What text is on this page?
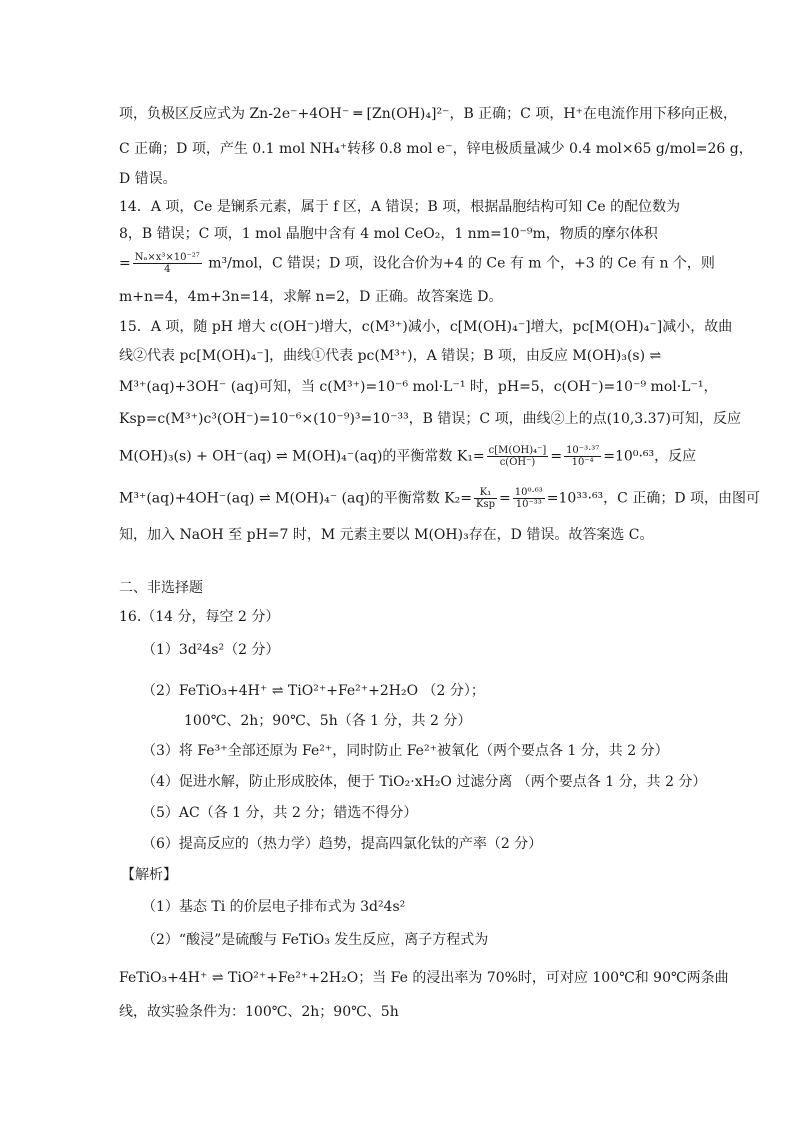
项，负极区反应式为 Zn-2e⁻+4OH⁻ ═ [Zn(OH)₄]²⁻，B 正确；C 项，H⁺在电流作用下移向正极，
C 正确；D 项，产生 0.1 mol NH₄⁺转移 0.8 mol e⁻，锌电极质量减少 0.4 mol×65 g/mol=26 g，
D 错误。
14．A 项，Ce 是镧系元素，属于 f 区，A 错误；B 项，根据晶胞结构可知 Ce 的配位数为
8，B 错误；C 项，1 mol 晶胞中含有 4 mol CeO₂，1 nm=10⁻⁹m，物质的摩尔体积
= $\frac{\text{Nₐ×x³×10⁻²⁷}}{4} m^3/mol$，C 错误；D 项，设化合价为+4 的 Ce 有 m 个，+3 的 Ce 有 n 个，则
m+n=4，4m+3n=14，求解 n=2，D 正确。故答案选 D。
15．A 项，随 pH 增大 c(OH⁻)增大，c(M³⁺)减小，c[M(OH)₄⁻]增大，pc[M(OH)₄⁻]减小，故曲
线②代表 pc[M(OH)₄⁻]，曲线①代表 pc(M³⁺)，A 错误；B 项，由反应 M(OH)₃(s) ⇌
M³⁺(aq)+3OH⁻ (aq)可知，当 c(M³⁺)=10⁻⁶ mol·L⁻¹ 时，pH=5，c(OH⁻)=10⁻⁹ mol·L⁻¹，
Ksp=c(M³⁺)c³(OH⁻)=10⁻⁶×(10⁻⁹)³=10⁻³³，B 错误；C 项，曲线②上的点(10,3.37)可知，反应
M(OH)₃(s) + OH⁻(aq) ⇌ M(OH)₄⁻(aq)的平衡常数 $K_1= \frac{\text{c[M(OH)₄⁻]}}{c(OH^-)} = \frac{\text{10⁻³·³⁷}}{\text{10⁻⁴}} =10^0\cdot^{63}$，反应
M³⁺(aq)+4OH⁻(aq) ⇌ M(OH)₄⁻ (aq)的平衡常数 $K_2= \frac{\text{K₁}}{\text{Ksp}} = \frac{\text{10⁰·⁶³}}{\text{10⁻³³}} =10^{33}\cdot^{63}$，C 正确；D 项，由图可
知，加入 NaOH 至 pH=7 时，M 元素主要以 M(OH)₃存在，D 错误。故答案选 C。
二、非选择题
16.（14 分，每空 2 分）
（1）3d²4s²（2 分）
（2）FeTiO₃+4H⁺ ⇌ TiO²⁺+Fe²⁺+2H₂O （2 分）；
100℃、2h；90℃、5h（各 1 分，共 2 分）
（3）将 Fe³⁺全部还原为 Fe²⁺，同时防止 Fe²⁺被氧化（两个要点各 1 分，共 2 分）
（4）促进水解，防止形成胶体，便于 TiO₂·xH₂O 过滤分离 （两个要点各 1 分，共 2 分）
（5）AC（各 1 分，共 2 分；错选不得分）
（6）提高反应的（热力学）趋势，提高四氯化钛的产率（2 分）
【解析】
（1）基态 Ti 的价层电子排布式为 3d²4s²
（2）“酸浸”是硫酸与 FeTiO₃ 发生反应，离子方程式为
FeTiO₃+4H⁺ ⇌ TiO²⁺+Fe²⁺+2H₂O；当 Fe 的浸出率为 70%时，可对应 100℃和 90℃两条曲
线，故实验条件为：100℃、2h；90℃、5h
